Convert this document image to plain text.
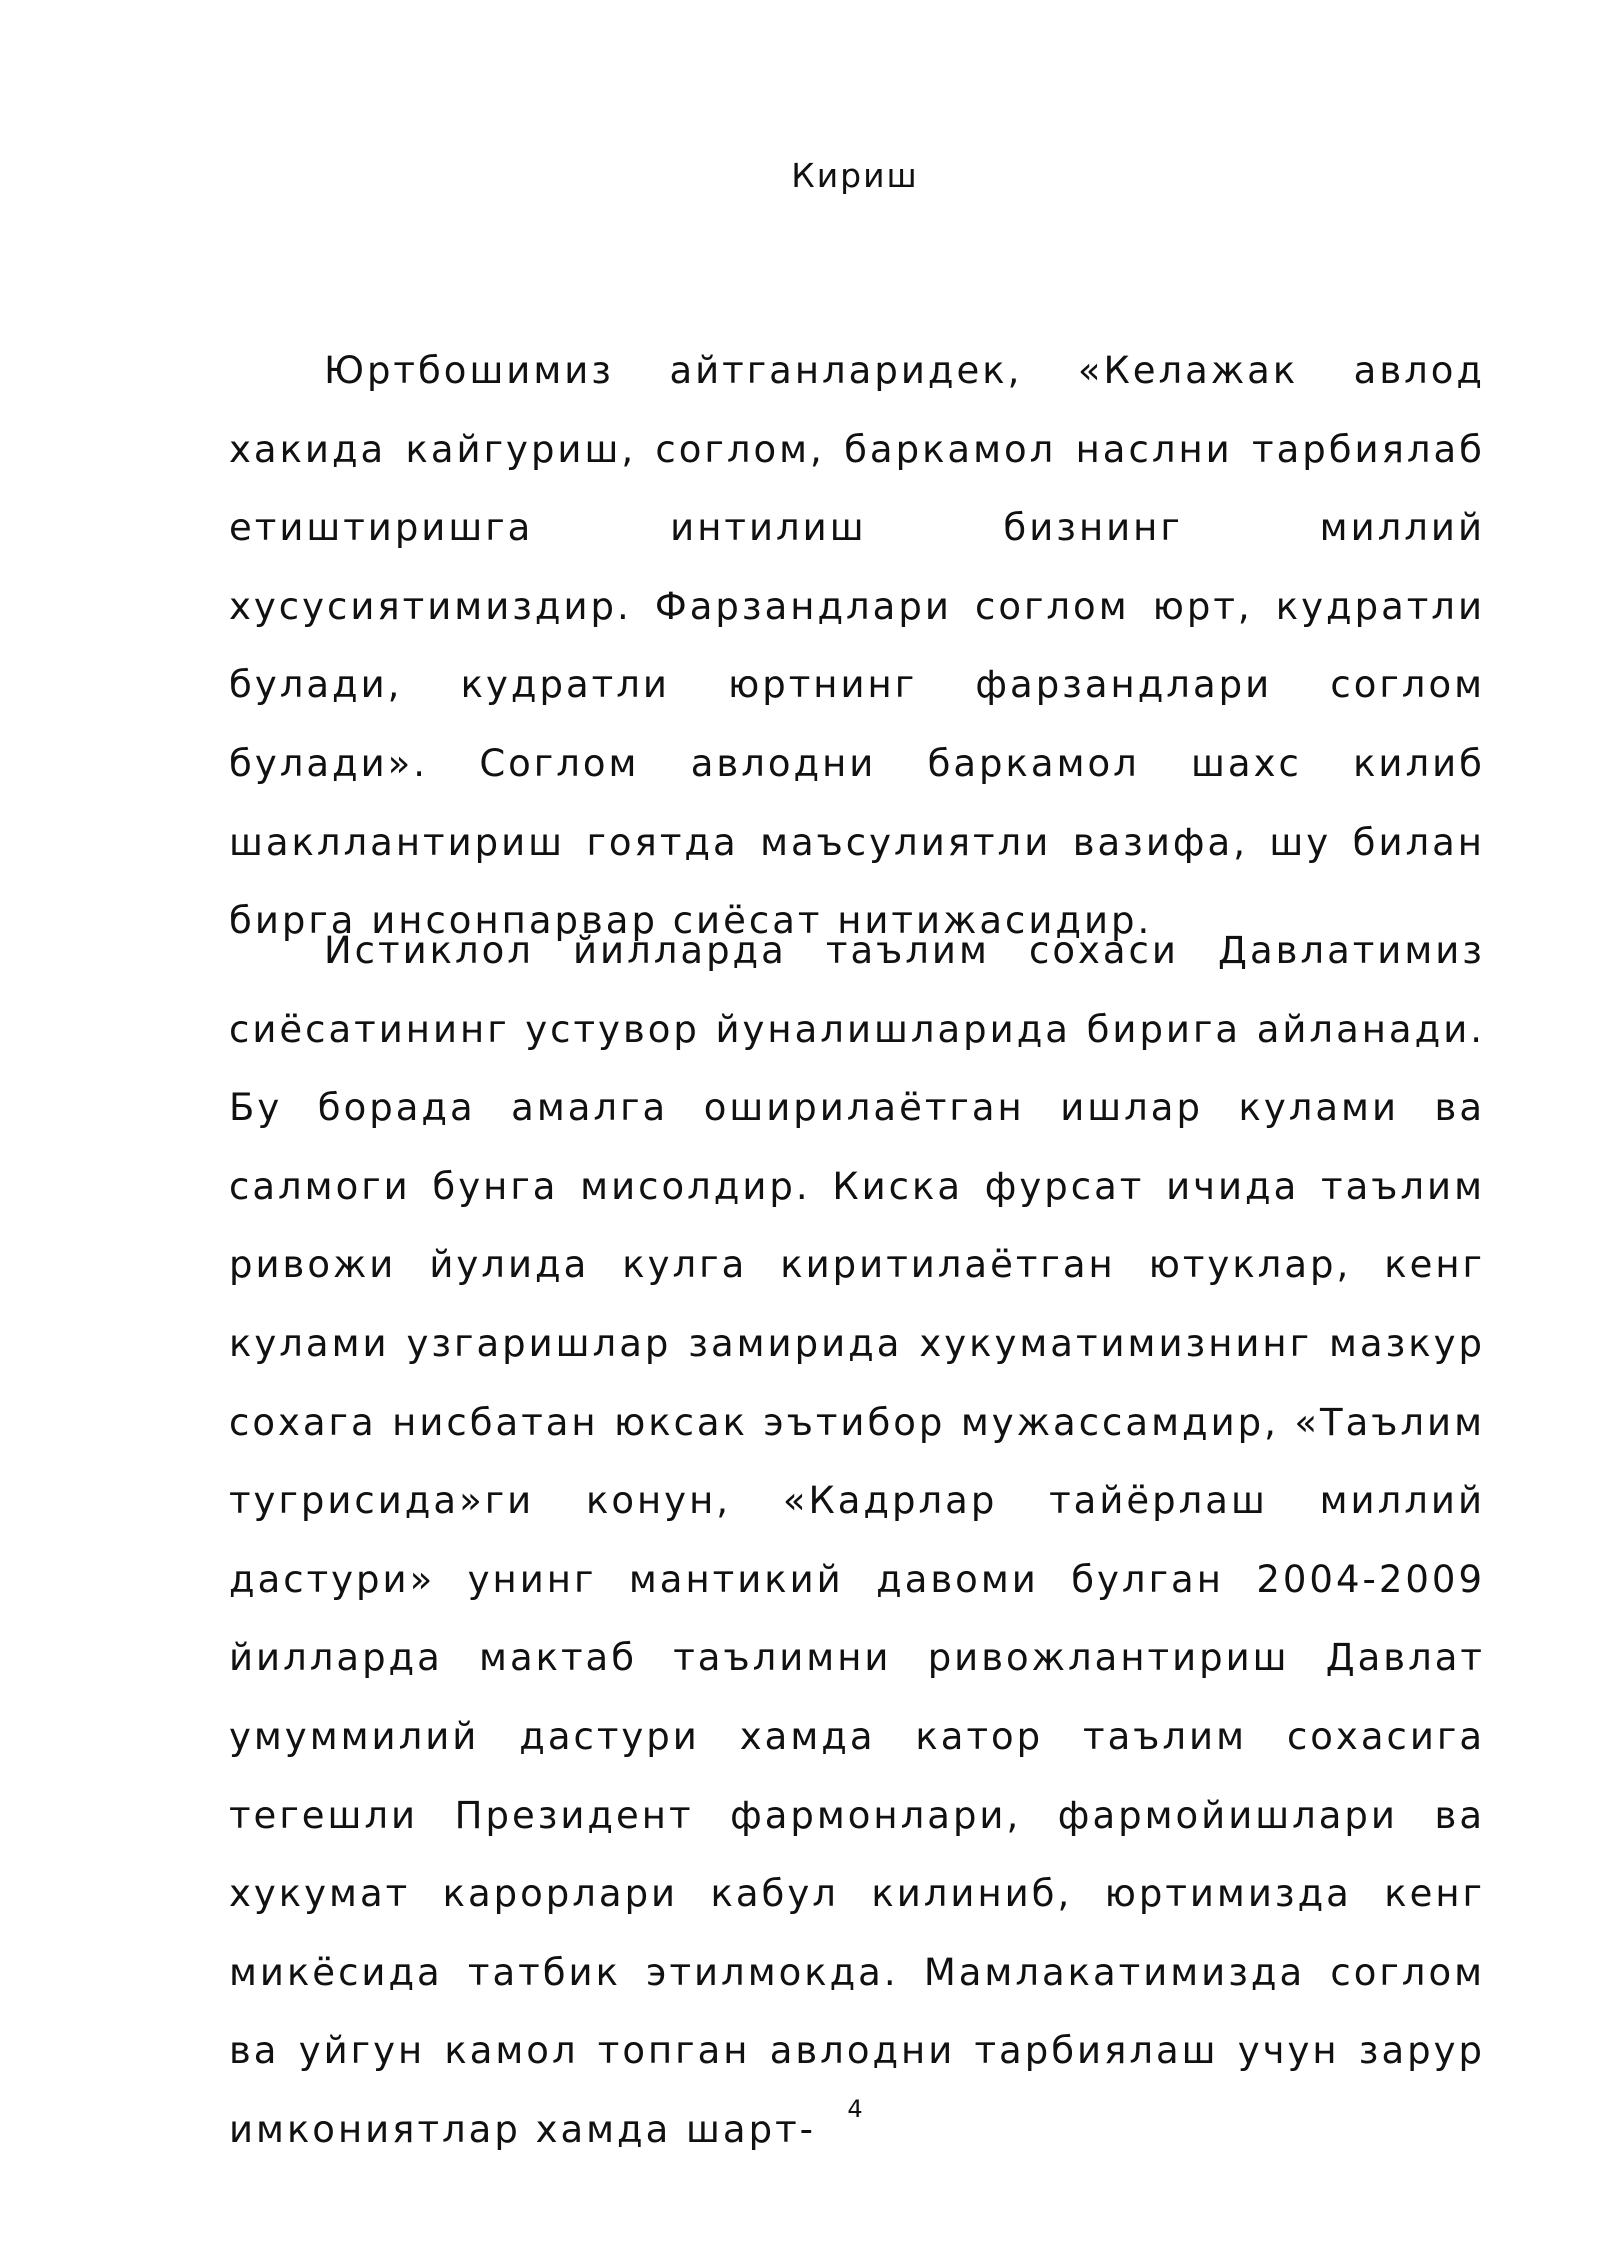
Кириш

Юртбошимиз айтганларидек, «Келажак авлод хакида кайгуриш, соглом, баркамол наслни тарбиялаб етиштиришга интилиш бизнинг миллий хусусиятимиздир. Фарзандлари соглом юрт, кудратли булади, кудратли юртнинг фарзандлари соглом булади». Соглом авлодни баркамол шахс килиб шакллантириш гоятда маъсулиятли вазифа, шу билан бирга инсонпарвар сиёсат нитижасидир.

Истиклол йилларда таълим сохаси Давлатимиз сиёсатининг устувор йуналишларида бирига айланади. Бу борада амалга оширилаётган ишлар кулами ва салмоги бунга мисолдир. Киска фурсат ичида таълим ривожи йулида кулга киритилаётган ютуклар, кенг кулами узгаришлар замирида хукуматимизнинг мазкур сохага нисбатан юксак эътибор мужассамдир, «Таълим тугрисида»ги конун, «Кадрлар тайёрлаш миллий дастури» унинг мантикий давоми булган 2004-2009 йилларда мактаб таълимни ривожлантириш Давлат умуммилий дастури хамда катор таълим сохасига тегешли Президент фармонлари, фармойишлари ва хукумат карорлари кабул килиниб, юртимизда кенг микёсида татбик этилмокда. Мамлакатимизда соглом ва уйгун камол топган авлодни тарбиялаш учун зарур имкониятлар хамда шарт-	4
